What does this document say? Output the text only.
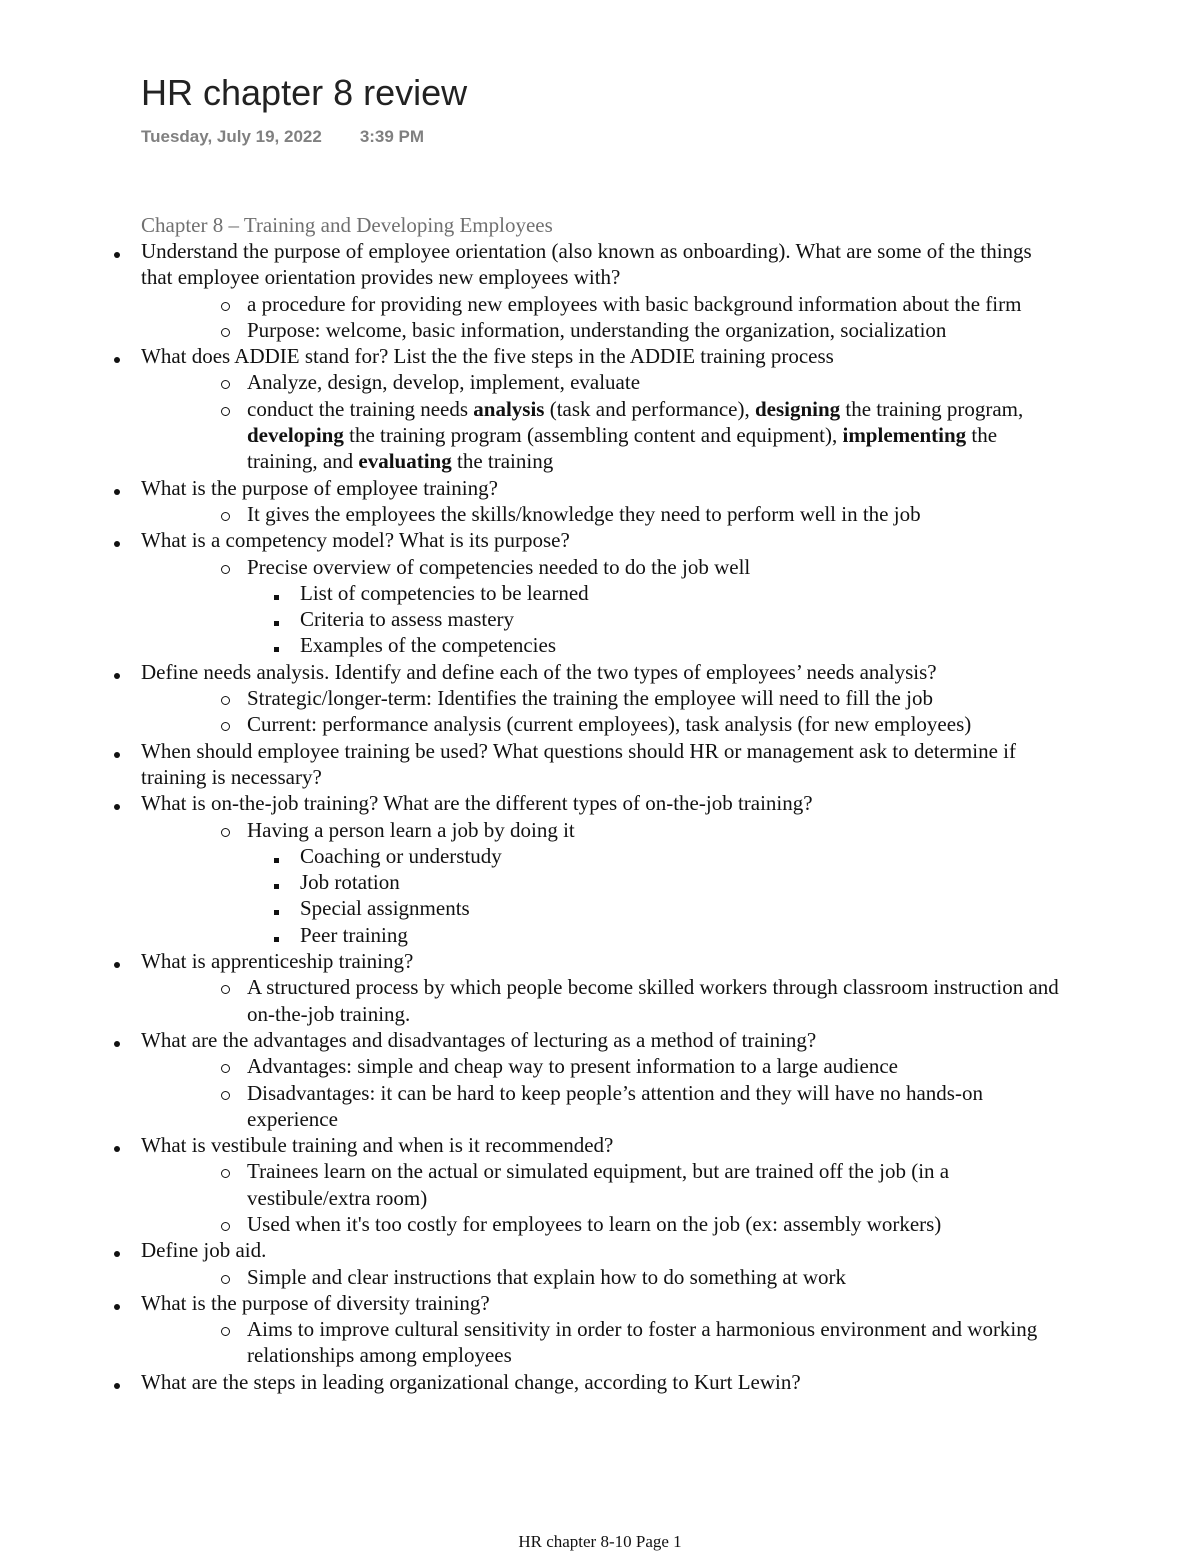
HR chapter 8 review
Tuesday, July 19, 2022 3:39 PM
Chapter 8 – Training and Developing Employees
Understand the purpose of employee orientation (also known as onboarding). What are some of the things that employee orientation provides new employees with?
a procedure for providing new employees with basic background information about the firm
Purpose: welcome, basic information, understanding the organization, socialization
What does ADDIE stand for? List the the five steps in the ADDIE training process
Analyze, design, develop, implement, evaluate
conduct the training needs analysis (task and performance), designing the training program, developing the training program (assembling content and equipment), implementing the training, and evaluating the training
What is the purpose of employee training?
It gives the employees the skills/knowledge they need to perform well in the job
What is a competency model? What is its purpose?
Precise overview of competencies needed to do the job well
List of competencies to be learned
Criteria to assess mastery
Examples of the competencies
Define needs analysis. Identify and define each of the two types of employees’ needs analysis?
Strategic/longer-term: Identifies the training the employee will need to fill the job
Current: performance analysis (current employees), task analysis (for new employees)
When should employee training be used? What questions should HR or management ask to determine if training is necessary?
What is on-the-job training? What are the different types of on-the-job training?
Having a person learn a job by doing it
Coaching or understudy
Job rotation
Special assignments
Peer training
What is apprenticeship training?
A structured process by which people become skilled workers through classroom instruction and on-the-job training.
What are the advantages and disadvantages of lecturing as a method of training?
Advantages: simple and cheap way to present information to a large audience
Disadvantages: it can be hard to keep people’s attention and they will have no hands-on experience
What is vestibule training and when is it recommended?
Trainees learn on the actual or simulated equipment, but are trained off the job (in a vestibule/extra room)
Used when it's too costly for employees to learn on the job (ex: assembly workers)
Define job aid.
Simple and clear instructions that explain how to do something at work
What is the purpose of diversity training?
Aims to improve cultural sensitivity in order to foster a harmonious environment and working relationships among employees
What are the steps in leading organizational change, according to Kurt Lewin?
HR chapter 8-10 Page 1
